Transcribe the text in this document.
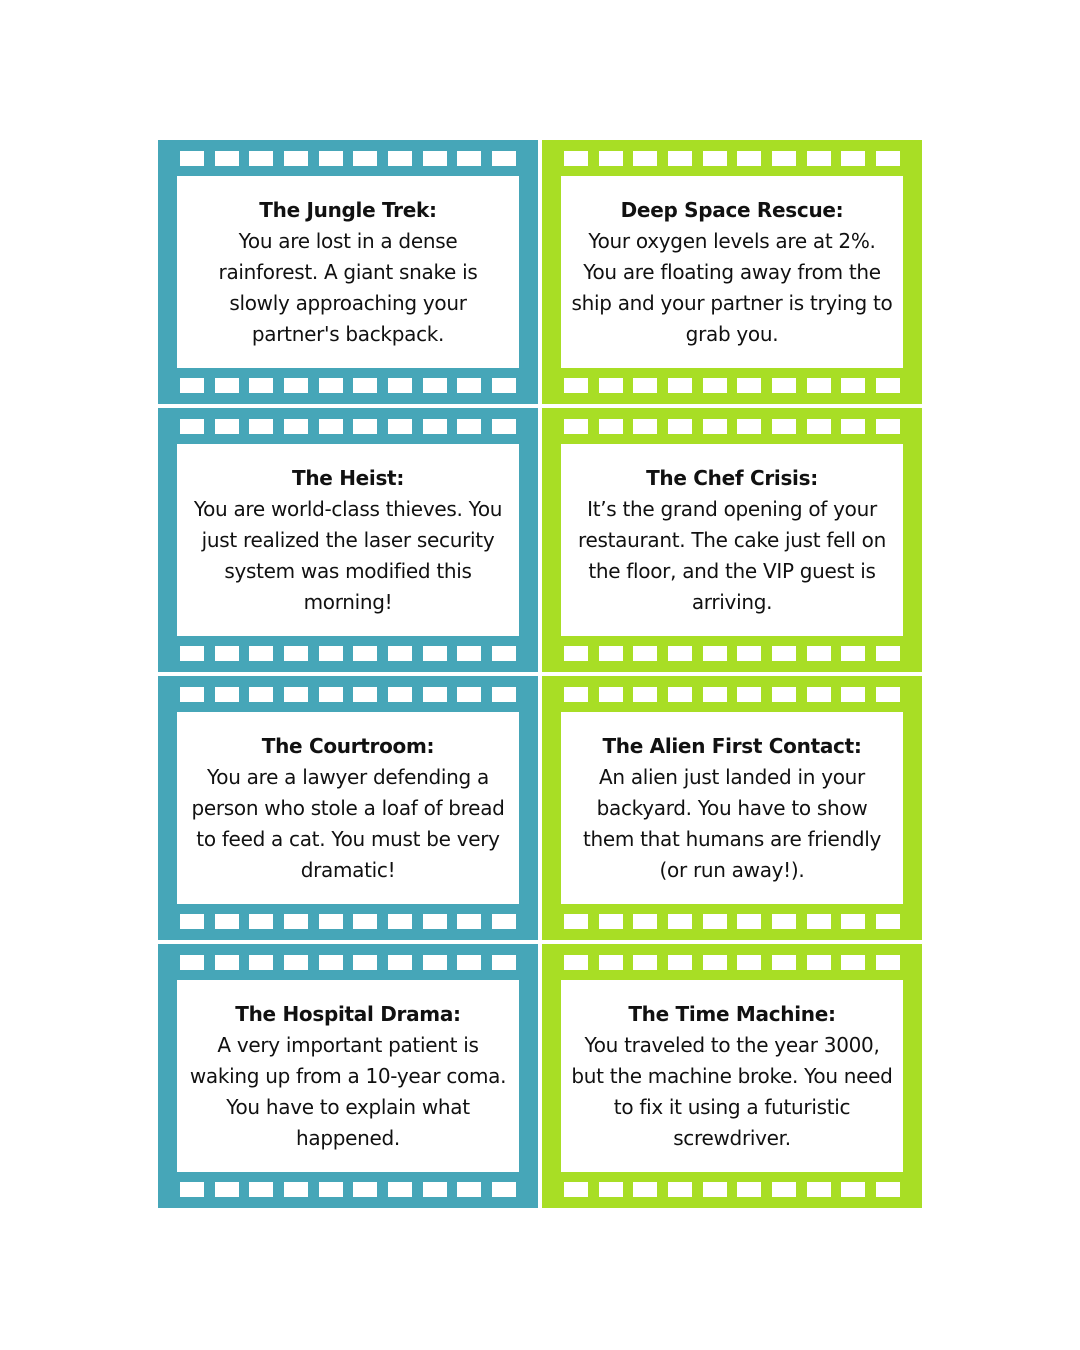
The Jungle Trek:
You are lost in a dense rainforest. A giant snake is slowly approaching your partner's backpack.
Deep Space Rescue:
Your oxygen levels are at 2%. You are floating away from the ship and your partner is trying to grab you.
The Heist:
You are world-class thieves. You just realized the laser security system was modified this morning!
The Chef Crisis:
It’s the grand opening of your restaurant. The cake just fell on the floor, and the VIP guest is arriving.
The Courtroom:
You are a lawyer defending a person who stole a loaf of bread to feed a cat. You must be very dramatic!
The Alien First Contact:
An alien just landed in your backyard. You have to show them that humans are friendly (or run away!).
The Hospital Drama:
A very important patient is waking up from a 10-year coma. You have to explain what happened.
The Time Machine:
You traveled to the year 3000, but the machine broke. You need to fix it using a futuristic screwdriver.
